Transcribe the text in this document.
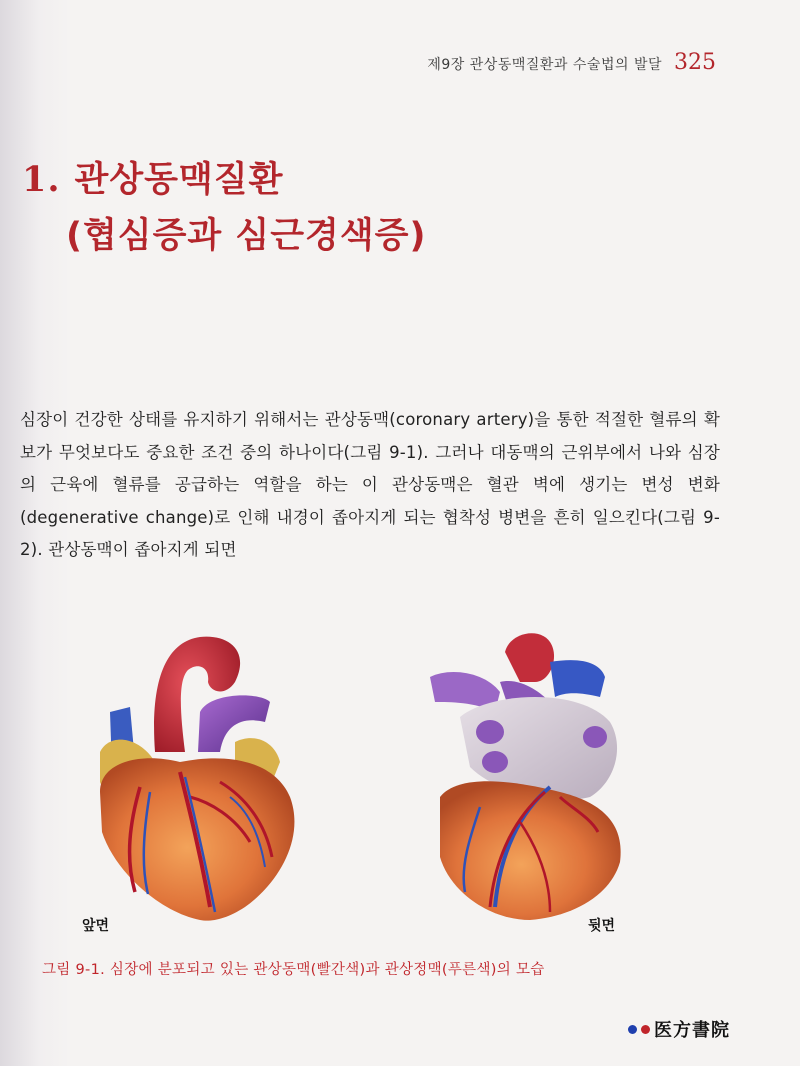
제9장 관상동맥질환과 수술법의 발달 325
1. 관상동맥질환
(협심증과 심근경색증)
심장이 건강한 상태를 유지하기 위해서는 관상동맥(coronary artery)을 통한 적절한 혈류의 확보가 무엇보다도 중요한 조건 중의 하나이다(그림 9-1). 그러나 대동맥의 근위부에서 나와 심장의 근육에 혈류를 공급하는 역할을 하는 이 관상동맥은 혈관 벽에 생기는 변성 변화(degenerative change)로 인해 내경이 좁아지게 되는 협착성 병변을 흔히 일으킨다(그림 9-2). 관상동맥이 좁아지게 되면
앞면	뒷면
그림 9-1. 심장에 분포되고 있는 관상동맥(빨간색)과 관상정맥(푸른색)의 모습
医方書院
